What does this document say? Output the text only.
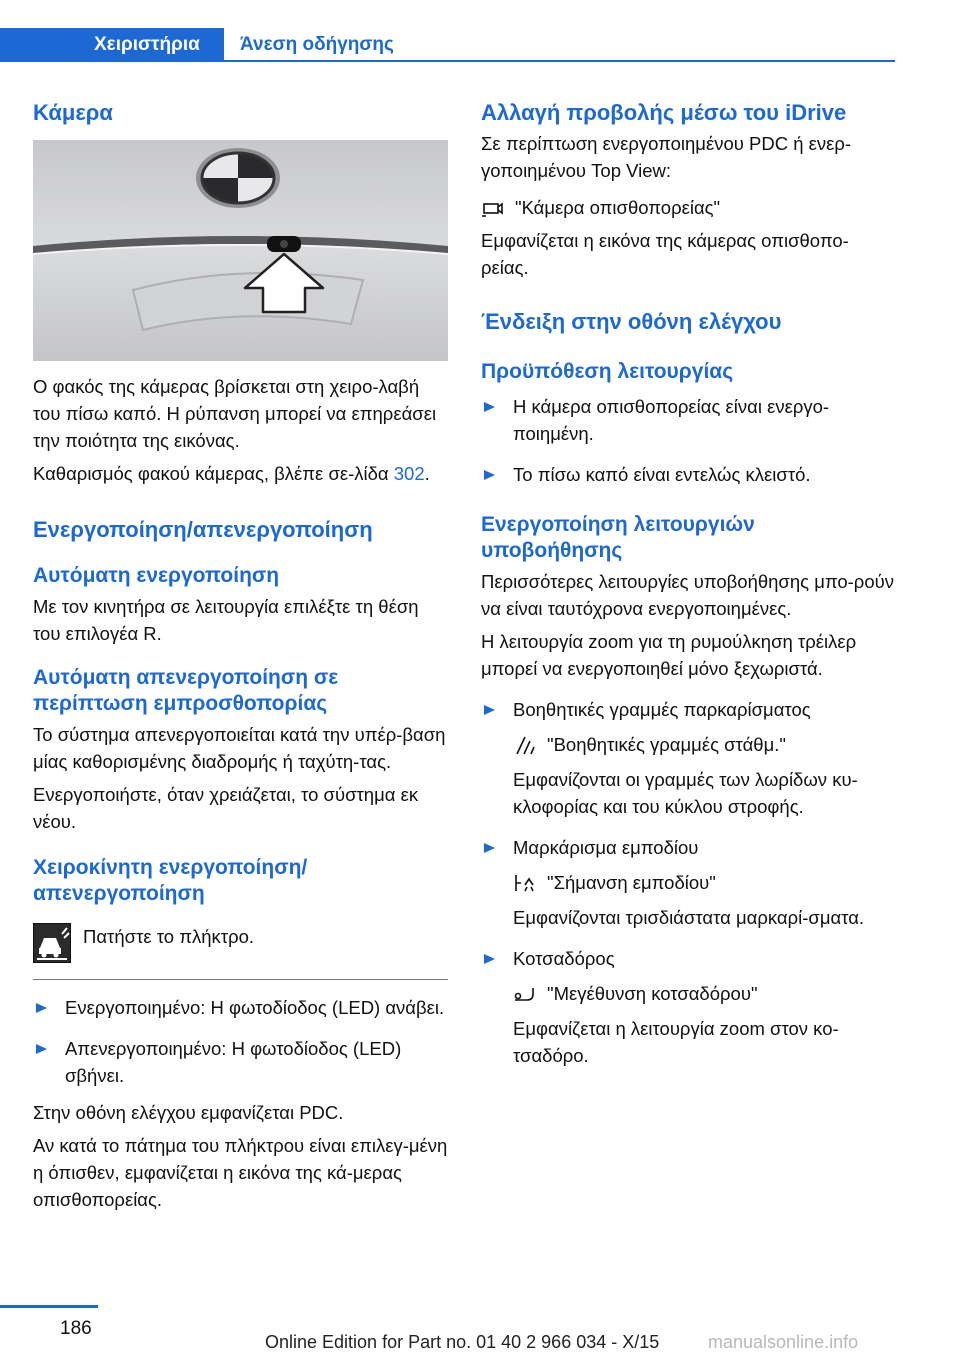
Χειριστήρια	Άνεση οδήγησης
Κάμερα
Ο φακός της κάμερας βρίσκεται στη χειρο-λαβή του πίσω καπό. Η ρύπανση μπορεί να επηρεάσει την ποιότητα της εικόνας.
Καθαρισμός φακού κάμερας, βλέπε σε-λίδα 302.
Ενεργοποίηση/απενεργοποίηση
Αυτόματη ενεργοποίηση
Με τον κινητήρα σε λειτουργία επιλέξτε τη θέση του επιλογέα R.
Αυτόματη απενεργοποίηση σε περίπτωση εμπροσθοπορίας
Το σύστημα απενεργοποιείται κατά την υπέρ-βαση μίας καθορισμένης διαδρομής ή ταχύτη-τας.
Ενεργοποιήστε, όταν χρειάζεται, το σύστημα εκ νέου.
Χειροκίνητη ενεργοποίηση/απενεργοποίηση
Πατήστε το πλήκτρο.
Ενεργοποιημένο: Η φωτοδίοδος (LED) ανάβει.
Απενεργοποιημένο: Η φωτοδίοδος (LED) σβήνει.
Στην οθόνη ελέγχου εμφανίζεται PDC.
Αν κατά το πάτημα του πλήκτρου είναι επιλεγ-μένη η όπισθεν, εμφανίζεται η εικόνα της κά-μερας οπισθοπορείας.
Αλλαγή προβολής μέσω του iDrive
Σε περίπτωση ενεργοποιημένου PDC ή ενερ-γοποιημένου Top View:
"Κάμερα οπισθοπορείας"
Εμφανίζεται η εικόνα της κάμερας οπισθοπο-ρείας.
Ένδειξη στην οθόνη ελέγχου
Προϋπόθεση λειτουργίας
Η κάμερα οπισθοπορείας είναι ενεργο-ποιημένη.
Το πίσω καπό είναι εντελώς κλειστό.
Ενεργοποίηση λειτουργιών υποβοήθησης
Περισσότερες λειτουργίες υποβοήθησης μπο-ρούν να είναι ταυτόχρονα ενεργοποιημένες.
Η λειτουργία zoom για τη ρυμούλκηση τρέιλερ μπορεί να ενεργοποιηθεί μόνο ξεχωριστά.
Βοηθητικές γραμμές παρκαρίσματος
"Βοηθητικές γραμμές στάθμ."
Εμφανίζονται οι γραμμές των λωρίδων κυ-κλοφορίας και του κύκλου στροφής.
Μαρκάρισμα εμποδίου
"Σήμανση εμποδίου"
Εμφανίζονται τρισδιάστατα μαρκαρί-σματα.
Κοτσαδόρος
"Μεγέθυνση κοτσαδόρου"
Εμφανίζεται η λειτουργία zoom στον κο-τσαδόρο.
186
Online Edition for Part no. 01 40 2 966 034 - X/15	manualsonline.info
